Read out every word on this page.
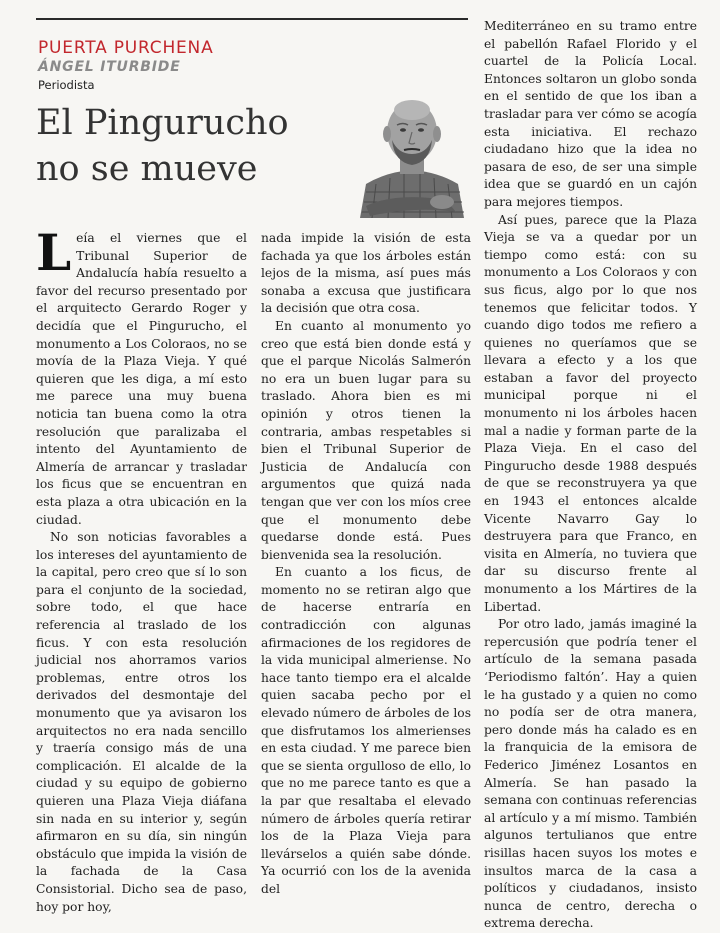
PUERTA PURCHENA
ÁNGEL ITURBIDE
Periodista
El Pingurucho
no se mueve

Leía el viernes que el Tribunal Superior de Andalucía había resuelto a favor del recurso presentado por el arquitecto Gerardo Roger y decidía que el Pingurucho, el monumento a Los Coloraos, no se movía de la Plaza Vieja. Y qué quieren que les diga, a mí esto me parece una muy buena noticia tan buena como la otra resolución que paralizaba el intento del Ayuntamiento de Almería de arrancar y trasladar los ficus que se encuentran en esta plaza a otra ubicación en la ciudad.

No son noticias favorables a los intereses del ayuntamiento de la capital, pero creo que sí lo son para el conjunto de la sociedad, sobre todo, el que hace referencia al traslado de los ficus. Y con esta resolución judicial nos ahorramos varios problemas, entre otros los derivados del desmontaje del monumento que ya avisaron los arquitectos no era nada sencillo y traería consigo más de una complicación. El alcalde de la ciudad y su equipo de gobierno quieren una Plaza Vieja diáfana sin nada en su interior y, según afirmaron en su día, sin ningún obstáculo que impida la visión de la fachada de la Casa Consistorial. Dicho sea de paso, hoy por hoy,

nada impide la visión de esta fachada ya que los árboles están lejos de la misma, así pues más sonaba a excusa que justificara la decisión que otra cosa.

En cuanto al monumento yo creo que está bien donde está y que el parque Nicolás Salmerón no era un buen lugar para su traslado. Ahora bien es mi opinión y otros tienen la contraria, ambas respetables si bien el Tribunal Superior de Justicia de Andalucía con argumentos que quizá nada tengan que ver con los míos cree que el monumento debe quedarse donde está. Pues bienvenida sea la resolución.

En cuanto a los ficus, de momento no se retiran algo que de hacerse entraría en contradicción con algunas afirmaciones de los regidores de la vida municipal almeriense. No hace tanto tiempo era el alcalde quien sacaba pecho por el elevado número de árboles de los que disfrutamos los almerienses en esta ciudad. Y me parece bien que se sienta orgulloso de ello, lo que no me parece tanto es que a la par que resaltaba el elevado número de árboles quería retirar los de la Plaza Vieja para llevárselos a quién sabe dónde. Ya ocurrió con los de la avenida del

Mediterráneo en su tramo entre el pabellón Rafael Florido y el cuartel de la Policía Local. Entonces soltaron un globo sonda en el sentido de que los iban a trasladar para ver cómo se acogía esta iniciativa. El rechazo ciudadano hizo que la idea no pasara de eso, de ser una simple idea que se guardó en un cajón para mejores tiempos.

Así pues, parece que la Plaza Vieja se va a quedar por un tiempo como está: con su monumento a Los Coloraos y con sus ficus, algo por lo que nos tenemos que felicitar todos. Y cuando digo todos me refiero a quienes no queríamos que se llevara a efecto y a los que estaban a favor del proyecto municipal porque ni el monumento ni los árboles hacen mal a nadie y forman parte de la Plaza Vieja. En el caso del Pingurucho desde 1988 después de que se reconstruyera ya que en 1943 el entonces alcalde Vicente Navarro Gay lo destruyera para que Franco, en visita en Almería, no tuviera que dar su discurso frente al monumento a los Mártires de la Libertad.

Por otro lado, jamás imaginé la repercusión que podría tener el artículo de la semana pasada ‘Periodismo faltón’. Hay a quien le ha gustado y a quien no como no podía ser de otra manera, pero donde más ha calado es en la franquicia de la emisora de Federico Jiménez Losantos en Almería. Se han pasado la semana con continuas referencias al artículo y a mí mismo. También algunos tertulianos que entre risillas hacen suyos los motes e insultos marca de la casa a políticos y ciudadanos, insisto nunca de centro, derecha o extrema derecha.
